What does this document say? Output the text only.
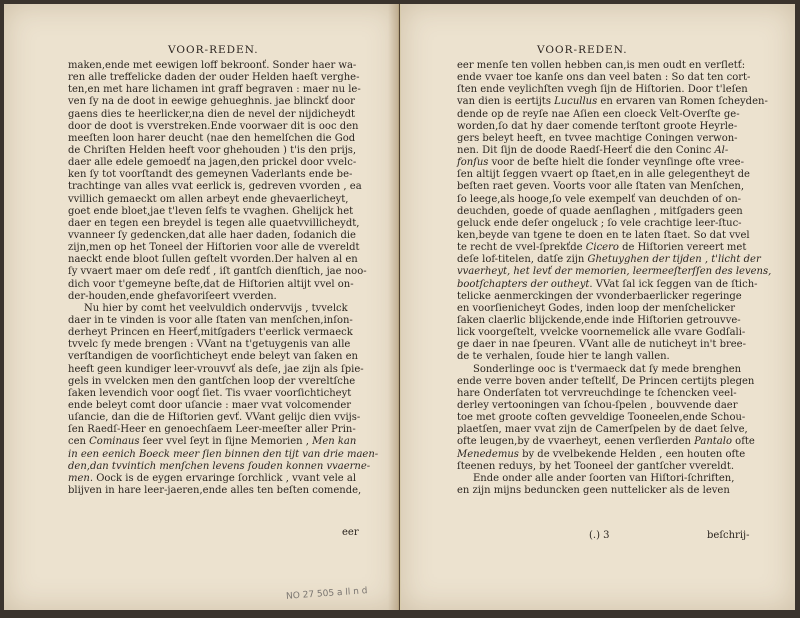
VOOR-REDEN.
maken,ende met eewigen loff bekroonť. Sonder haer wa-
ren alle treffelicke daden der ouder Helden haeſt verghe-
ten,en met hare lichamen int graff begraven : maer nu le-
ven ſy na de doot in eewige gehueghnis. jae blinckť door
gaens dies te heerlicker,na dien de nevel der nijdicheydt
door de doot is vverstreken.Ende voorwaer dit is ooc den
meeſten loon harer deucht (nae den hemelſchen die God
de Chriſten Helden heeft voor ghehouden ) t'is den prijs,
daer alle edele gemoedť na jagen,den prickel door vvelc-
ken ſy tot voorſtandt des gemeynen Vaderlants ende be-
trachtinge van alles vvat eerlick is, gedreven vvorden , ea
vvillich gemaeckt om allen arbeyt ende ghevaerlicheyt,
goet ende bloet,jae t'leven ſelfs te vvaghen. Ghelijck het
daer en tegen een breydel is tegen alle quaetvvillicheydt,
vvanneer ſy gedencken,dat alle haer daden, ſodanich die
zijn,men op het Toneel der Hiſtorien voor alle de vvereldt
naeckt ende bloot ſullen geſtelt vvorden.Der halven al en
ſy vvaert maer om deſe redť , iſt gantſch dienſtich, jae noo-
dich voor t'gemeyne beſte,dat de Hiſtorien altijt vvel on-
der-houden,ende ghefavoriſeert vverden.
Nu hier by comt het veelvuldich ondervvijs , tvvelck
daer in te vinden is voor alle ſtaten van menſchen,inſon-
derheyt Princen en Heerť,mitſgaders t'eerlick vermaeck
tvvelc ſy mede brengen : VVant na t'getuygenis van alle
verſtandigen de voorſichticheyt ende beleyt van ſaken en
heeft geen kundiger leer-vrouvvť als deſe, jae zijn als ſpie-
gels in vvelcken men den gantſchen loop der vvereltſche
ſaken levendich voor oogť ſiet. Tis vvaer voorſichticheyt
ende beleyt comt door uſancie : maer vvat volcomender
uſancie, dan die de Hiſtorien gevť. VVant gelijc dien vvijs-
ſen Raedſ-Heer en genoechſaem Leer-meeſter aller Prin-
cen Cominaus ſeer vvel ſeyt in ſijne Memorien , Men kan
in een eenich Boeck meer ſien binnen den tijt van drie maen-
den,dan tvvintich menſchen levens ſouden konnen vvaerne-
men. Oock is de eygen ervaringe ſorchlick , vvant vele al
blijven in hare leer-jaeren,ende alles ten beſten comende,
eer
VOOR-REDEN.
eer menſe ten vollen hebben can,is men oudt en verſletť:
ende vvaer toe kanſe ons dan veel baten : So dat ten cort-
ſten ende veylichſten vvegh ſijn de Hiſtorien. Door t'leſen
van dien is eertijts Lucullus en ervaren van Romen ſcheyden-
dende op de reyſe nae Aſien een cloeck Velt-Overſte ge-
worden,ſo dat hy daer comende terſtont groote Heyrle-
gers beleyt heeft, en tvvee machtige Coningen verwon-
nen. Dit ſijn de doode Raedſ-Heerť die den Coninc Al-
fonſus voor de beſte hielt die ſonder veynſinge ofte vree-
ſen altijt ſeggen vvaert op ſtaet,en in alle gelegentheyt de
beſten raet geven. Voorts voor alle ſtaten van Menſchen,
ſo leege,als hooge,ſo vele exempelť van deuchden of on-
deuchden, goede of quade aenſlaghen , mitſgaders geen
geluck ende deſer ongeluck ; ſo vele crachtige leer-ſtuc-
ken,beyde van tgene te doen en te laten ſtaet. So dat vvel
te recht de vvel-ſprekťde Cicero de Hiſtorien vereert met
deſe lof-titelen, datſe zijn Ghetuyghen der tijden , t'licht der
vvaerheyt, het levť der memorien, leermeeſterſſen des levens,
bootſchapters der outheyt. VVat ſal ick ſeggen van de ſtich-
telicke aenmerckingen der vvonderbaerlicker regeringe
en voorſienicheyt Godes, inden loop der menſchelicker
ſaken claerlic blijckende,ende inde Hiſtorien getrouvve-
lick voorgeſtelt, vvelcke voornemelick alle vvare Godſali-
ge daer in nae ſpeuren. VVant alle de nuticheyt in't bree-
de te verhalen, ſoude hier te langh vallen.
Sonderlinge ooc is t'vermaeck dat ſy mede brenghen
ende verre boven ander teſtellť, De Princen certijts plegen
hare Onderſaten tot vervreuchdinge te ſchencken veel-
derley vertooningen van ſchou-ſpelen , bouvvende daer
toe met groote coſten gevveldige Tooneelen,ende Schou-
plaetſen, maer vvat zijn de Camerſpelen by de daet ſelve,
ofte leugen,by de vvaerheyt, eenen verſierden Pantalo ofte
Menedemus by de vvelbekende Helden , een houten ofte
ſteenen reduys, by het Tooneel der gantſcher vvereldt.
Ende onder alle ander ſoorten van Hiſtori-ſchriften,
en zijn mijns beduncken geen nuttelicker als de leven
(.) 3	beſchrij-
NO 27 505 a ll n d
